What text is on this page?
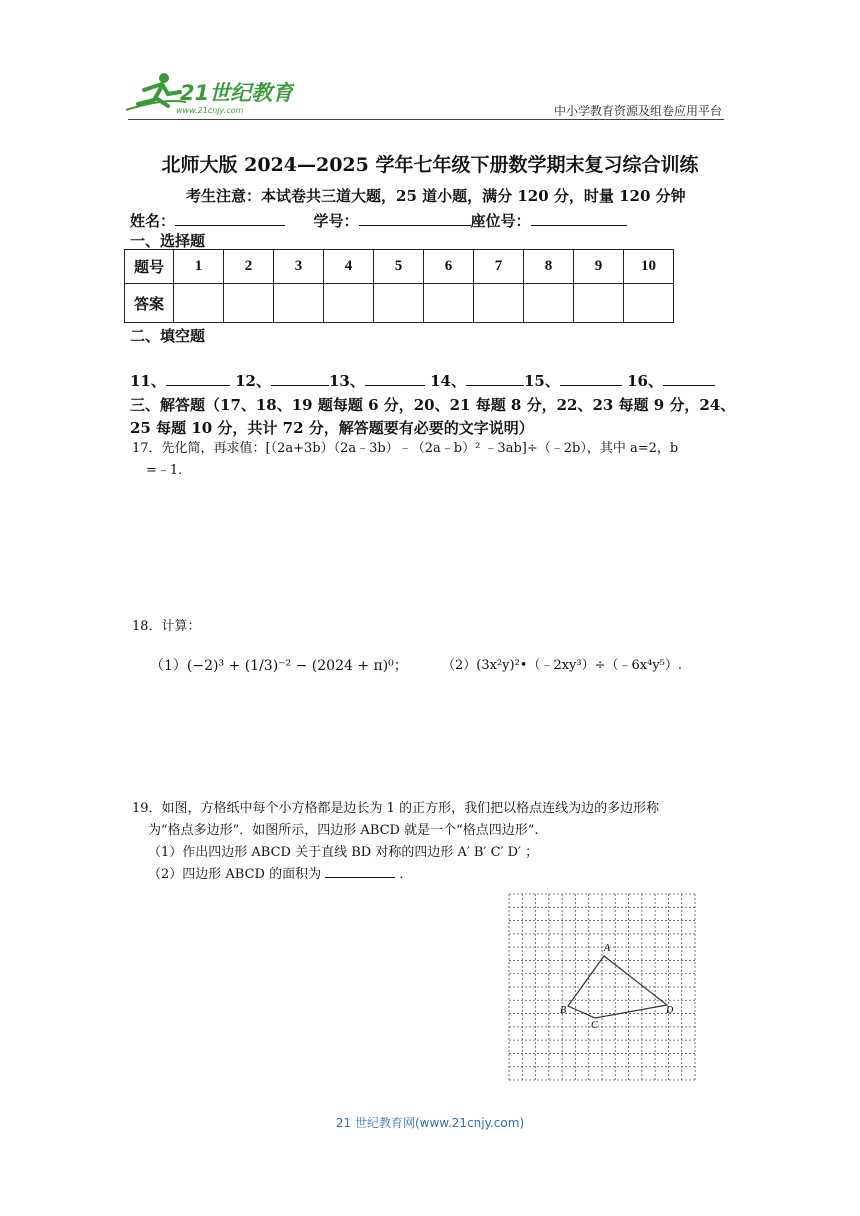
21世纪教育
www.21cnjy.com	中小学教育资源及组卷应用平台
北师大版 2024—2025 学年七年级下册数学期末复习综合训练
考生注意：本试卷共三道大题，25 道小题，满分 120 分，时量 120 分钟
姓名：	学号：	座位号：
一、选择题
题号	1	2	3	4	5	6	7	8	9	10
答案										
二、填空题
11、	12、	13、	14、	15、	16、
三、解答题（17、18、19 题每题 6 分，20、21 每题 8 分，22、23 每题 9 分，24、25 每题 10 分，共计 72 分，解答题要有必要的文字说明）
17．先化简，再求值：[（2a+3b）（2a﹣3b）﹣（2a﹣b）² ﹣3ab]÷（﹣2b），其中 a=2，b
=﹣1.
18．计算：
（1）(−2)³ + (1/3)⁻² − (2024 + π)⁰；	（2）(3x²y)²•（﹣2xy³）÷（﹣6x⁴y⁵）.
19．如图，方格纸中每个小方格都是边长为 1 的正方形，我们把以格点连线为边的多边形称
为“格点多边形”．如图所示，四边形 ABCD 就是一个“格点四边形”.
（1）作出四边形 ABCD 关于直线 BD 对称的四边形 A′ B′ C′ D′ ；
（2）四边形 ABCD 的面积为	．
A
B
C
D
21 世纪教育网(www.21cnjy.com)
